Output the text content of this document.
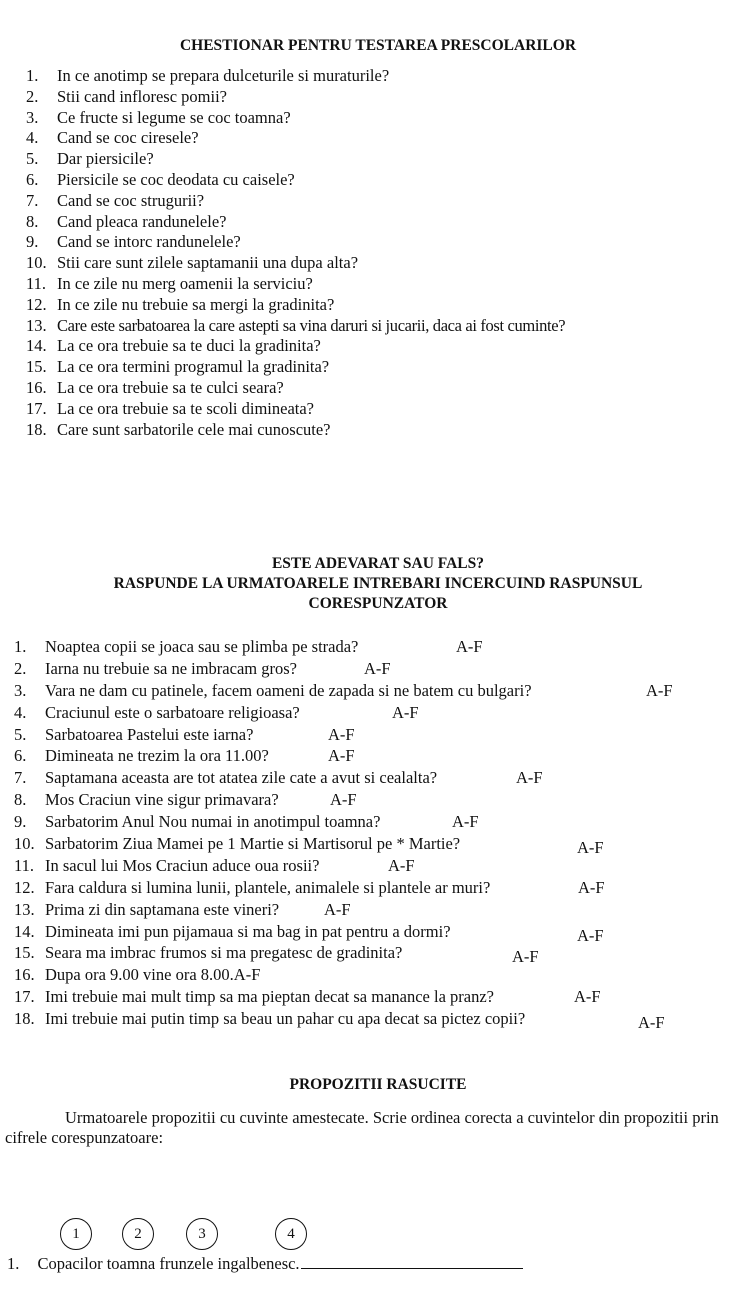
CHESTIONAR PENTRU TESTAREA PRESCOLARILOR
1. In ce anotimp se prepara dulceturile si muraturile?
2. Stii cand infloresc pomii?
3. Ce fructe si legume se coc toamna?
4. Cand se coc ciresele?
5. Dar piersicile?
6. Piersicile se coc deodata cu caisele?
7. Cand se coc strugurii?
8. Cand pleaca randunelele?
9. Cand se intorc randunelele?
10. Stii care sunt zilele saptamanii una dupa alta?
11. In ce zile nu merg oamenii la serviciu?
12. In ce zile nu trebuie sa mergi la gradinita?
13. Care este sarbatoarea la care astepti sa vina daruri si jucarii, daca ai fost cuminte?
14. La ce ora trebuie sa te duci la gradinita?
15. La ce ora termini programul la gradinita?
16. La ce ora trebuie sa te culci seara?
17. La ce ora trebuie sa te scoli dimineata?
18. Care sunt sarbatorile cele mai cunoscute?
ESTE ADEVARAT SAU FALS?
RASPUNDE LA URMATOARELE INTREBARI INCERCUIND RASPUNSUL
CORESPUNZATOR
1. Noaptea copii se joaca sau se plimba pe strada?	A-F
2. Iarna nu trebuie sa ne imbracam gros?	A-F
3. Vara ne dam cu patinele, facem oameni de zapada si ne batem cu bulgari?	A-F
4. Craciunul este o sarbatoare religioasa?	A-F
5. Sarbatoarea Pastelui este iarna?	A-F
6. Dimineata ne trezim la ora 11.00?	A-F
7. Saptamana aceasta are tot atatea zile cate a avut si cealalta?	A-F
8. Mos Craciun vine sigur primavara?	A-F
9. Sarbatorim Anul Nou numai in anotimpul toamna?	A-F
10. Sarbatorim Ziua Mamei pe 1 Martie si Martisorul pe * Martie?	A-F
11. In sacul lui Mos Craciun aduce oua rosii?	A-F
12. Fara caldura si lumina lunii, plantele, animalele si plantele ar muri?	A-F
13. Prima zi din saptamana este vineri?	A-F
14. Dimineata imi pun pijamaua si ma bag in pat pentru a dormi?	A-F
15. Seara ma imbrac frumos si ma pregatesc de gradinita?	A-F
16. Dupa ora 9.00 vine ora 8.00.A-F
17. Imi trebuie mai mult timp sa ma pieptan decat sa manance la pranz?	A-F
18. Imi trebuie mai putin timp sa beau un pahar cu apa decat sa pictez copii?	A-F
PROPOZITII RASUCITE

Urmatoarele propozitii cu cuvinte amestecate. Scrie ordinea corecta a cuvintelor din propozitii prin cifrele corespunzatoare:

1	2	3	4
1. Copacilor toamna frunzele ingalbenesc.
